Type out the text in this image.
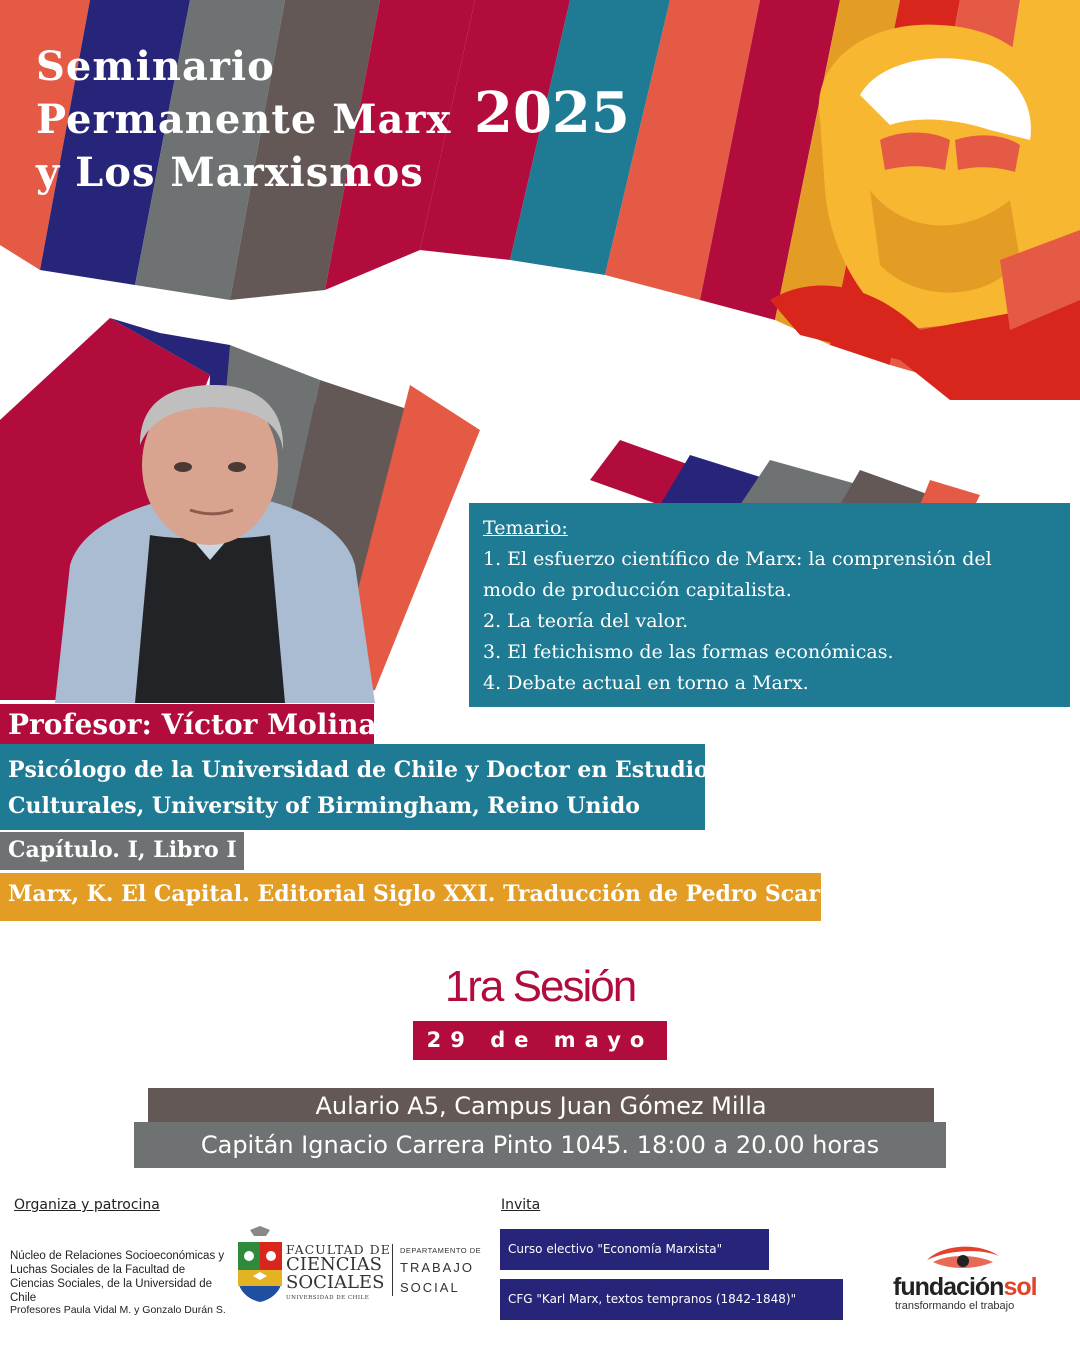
Seminario
Permanente Marx
y Los Marxismos
2025
Temario:
1. El esfuerzo científico de Marx: la comprensión del
modo de producción capitalista.
2. La teoría del valor.
3. El fetichismo de las formas económicas.
4. Debate actual en torno a Marx.
Profesor: Víctor Molina
Psicólogo de la Universidad de Chile y Doctor en Estudios
Culturales, University of Birmingham, Reino Unido
Capítulo. I, Libro I
Marx, K. El Capital. Editorial Siglo XXI. Traducción de Pedro Scaron.
1ra Sesión
29 de mayo
Aulario A5, Campus Juan Gómez Milla
Capitán Ignacio Carrera Pinto 1045. 18:00 a 20.00 horas
Organiza y patrocina
Núcleo de Relaciones Socioeconómicas y Luchas Sociales de la Facultad de Ciencias Sociales, de la Universidad de Chile
Profesores Paula Vidal M. y Gonzalo Durán S.
FACULTAD DE
CIENCIAS
SOCIALES
UNIVERSIDAD DE CHILE
DEPARTAMENTO DE
TRABAJO
SOCIAL
Invita
Curso electivo "Economía Marxista"
CFG "Karl Marx, textos tempranos (1842-1848)"	fundaciónsol
transformando el trabajo
